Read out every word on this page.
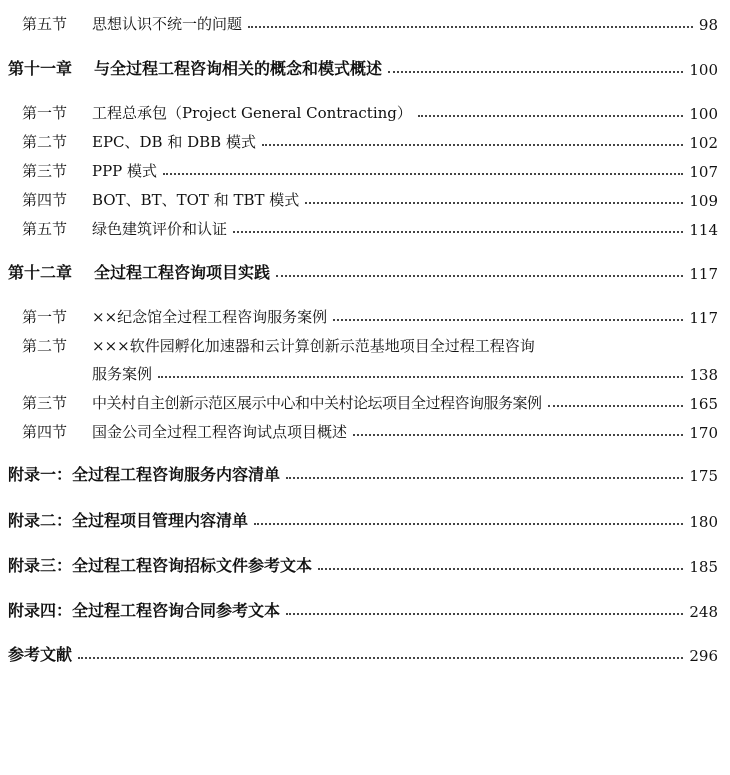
第五节	思想认识不统一的问题	98
第十一章 与全过程工程咨询相关的概念和模式概述	100
第一节	工程总承包（Project General Contracting）	100
第二节	EPC、DB 和 DBB 模式	102
第三节	PPP 模式	107
第四节	BOT、BT、TOT 和 TBT 模式	109
第五节	绿色建筑评价和认证	114
第十二章 全过程工程咨询项目实践	117
第一节	××纪念馆全过程工程咨询服务案例	117
第二节	×××软件园孵化加速器和云计算创新示范基地项目全过程工程咨询
服务案例	138
第三节	中关村自主创新示范区展示中心和中关村论坛项目全过程咨询服务案例	165
第四节	国金公司全过程工程咨询试点项目概述	170
附录一：全过程工程咨询服务内容清单	175
附录二：全过程项目管理内容清单	180
附录三：全过程工程咨询招标文件参考文本	185
附录四：全过程工程咨询合同参考文本	248
参考文献	296
